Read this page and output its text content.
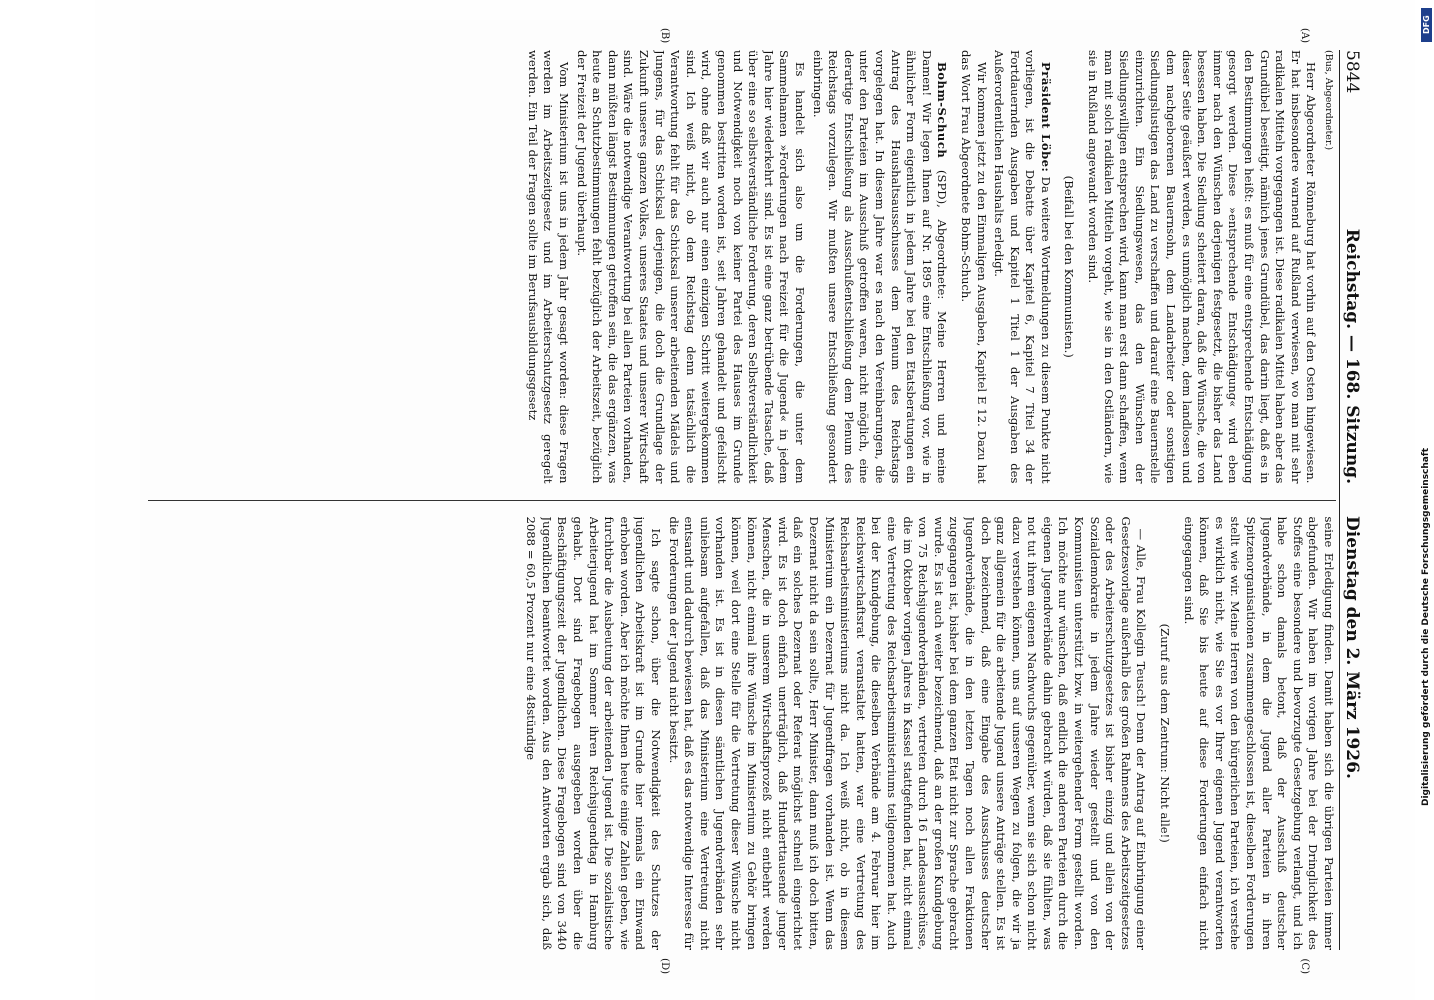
5844
Reichstag. — 168. Sitzung.
Dienstag den 2. März 1926.

(Bus, Abgeordneter.)

Herr Abgeordneter Rönneburg hat vorhin auf den Osten hingewiesen. Er hat insbesondere warnend auf Rußland verwiesen, wo man mit sehr radikalen Mitteln vorgegangen ist. Diese radikalen Mittel haben aber das Grundübel beseitigt, nämlich jenes Grundübel, das darin liegt, daß es in den Bestimmungen heißt: es muß für eine entsprechende Entschädigung gesorgt werden. Diese »entsprechende Entschädigung« wird eben immer nach den Wünschen derjenigen festgesetzt, die bisher das Land besessen haben. Die Siedlung scheitert daran, daß die Wünsche, die von dieser Seite geäußert werden, es unmöglich machen, dem landlosen und dem nachgeborenen Bauernsohn, dem Landarbeiter oder sonstigen Siedlungslustigen das Land zu verschaffen und darauf eine Bauernstelle einzurichten. Ein Siedlungswesen, das den Wünschen der Siedlungswilligen entsprechen wird, kann man erst dann schaffen, wenn man mit solch radikalen Mitteln vorgeht, wie sie in den Ostländern, wie sie in Rußland angewandt worden sind.

(Beifall bei den Kommunisten.)

Präsident Löbe: Da weitere Wortmeldungen zu diesem Punkte nicht vorliegen, ist die Debatte über Kapitel 6, Kapitel 7 Titel 34 der Fortdauernden Ausgaben und Kapitel 1 Titel 1 der Ausgaben des Außerordentlichen Haushalts erledigt.

Wir kommen jetzt zu den Einmaligen Ausgaben, Kapitel E 12. Dazu hat das Wort Frau Abgeordnete Bohm-Schuch.

Bohm-Schuch (SPD), Abgeordnete: Meine Herren und meine Damen! Wir legen Ihnen auf Nr. 1895 eine Entschließung vor, wie in ähnlicher Form eigentlich in jedem Jahre bei den Etatsberatungen ein Antrag des Haushaltsausschusses dem Plenum des Reichstags vorgelegen hat. In diesem Jahre war es nach den Vereinbarungen, die unter den Parteien im Ausschuß getroffen waren, nicht möglich, eine derartige Entschließung als Ausschußentschließung dem Plenum des Reichstags vorzulegen. Wir mußten unsere Entschließung gesondert einbringen.

Es handelt sich also um die Forderungen, die unter dem Sammelnamen »Forderungen nach Freizeit für die Jugend« in jedem Jahre hier wiederkehrt sind. Es ist eine ganz betrübende Tatsache, daß über eine so selbstverständliche Forderung, deren Selbstverständlichkeit und Notwendigkeit noch von keiner Partei des Hauses im Grunde genommen bestritten worden ist, seit Jahren gehandelt und gefeilscht wird, ohne daß wir auch nur einen einzigen Schritt weitergekommen sind. Ich weiß nicht, ob dem Reichstag denn tatsächlich die Verantwortung fehlt für das Schicksal unserer arbeitenden Mädels und Jungens, für das Schicksal derjenigen, die doch die Grundlage der Zukunft unseres ganzen Volkes, unseres Staates und unserer Wirtschaft sind. Wäre die notwendige Verantwortung bei allen Parteien vorhanden, dann müßten längst Bestimmungen getroffen sein, die das ergänzen, was heute an Schutzbestimmungen fehlt bezüglich der Arbeitszeit, bezüglich der Freizeit der Jugend überhaupt.

Vom Ministerium ist uns in jedem Jahr gesagt worden: diese Fragen werden im Arbeitszeitgesetz und im Arbeiterschutzgesetz geregelt werden. Ein Teil der Fragen sollte im Berufsausbildungsgesetz

seine Erledigung finden. Damit haben sich die übrigen Parteien immer abgefunden. Wir haben im vorigen Jahre bei der Dringlichkeit des Stoffes eine besondere und bevorzugte Gesetzgebung verlangt, und ich habe schon damals betont, daß der Ausschuß deutscher Jugendverbände, in dem die Jugend aller Parteien in ihren Spitzenorganisationen zusammengeschlossen ist, dieselben Forderungen stellt wie wir. Meine Herren von den bürgerlichen Parteien, ich verstehe es wirklich nicht, wie Sie es vor Ihrer eigenen Jugend verantworten können, daß Sie bis heute auf diese Forderungen einfach nicht eingegangen sind.

(Zuruf aus dem Zentrum: Nicht alle!)

— Alle, Frau Kollegin Teusch! Denn der Antrag auf Einbringung einer Gesetzesvorlage außerhalb des großen Rahmens des Arbeitszeitgesetzes oder des Arbeiterschutzgesetzes ist bisher einzig und allein von der Sozialdemokratie in jedem Jahre wieder gestellt und von den Kommunisten unterstützt bzw. in weitergehender Form gestellt worden. Ich möchte nur wünschen, daß endlich die anderen Parteien durch die eigenen Jugendverbände dahin gebracht würden, daß sie fühlten, was not tut ihrem eigenen Nachwuchs gegenüber, wenn sie sich schon nicht dazu verstehen können, uns auf unseren Wegen zu folgen, die wir ja ganz allgemein für die arbeitende Jugend unsere Anträge stellen. Es ist doch bezeichnend, daß eine Eingabe des Ausschusses deutscher Jugendverbände, die in den letzten Tagen noch allen Fraktionen zugegangen ist, bisher bei dem ganzen Etat nicht zur Sprache gebracht wurde. Es ist auch weiter bezeichnend, daß an der großen Kundgebung von 75 Reichsjugendverbänden, vertreten durch 16 Landesausschüsse, die im Oktober vorigen Jahres in Kassel stattgefunden hat, nicht einmal eine Vertretung des Reichsarbeitsministeriums teilgenommen hat. Auch bei der Kundgebung, die dieselben Verbände am 4. Februar hier im Reichswirtschaftsrat veranstaltet hatten, war eine Vertretung des Reichsarbeitsministeriums nicht da. Ich weiß nicht, ob in diesem Ministerium ein Dezernat für Jugendfragen vorhanden ist. Wenn das Dezernat nicht da sein sollte, Herr Minister, dann muß ich doch bitten, daß ein solches Dezernat oder Referat möglichst schnell eingerichtet wird. Es ist doch einfach unerträglich, daß Hunderttausende junger Menschen, die in unserem Wirtschaftsprozeß nicht entbehrt werden können, nicht einmal ihre Wünsche im Ministerium zu Gehör bringen können, weil dort eine Stelle für die Vertretung dieser Wünsche nicht vorhanden ist. Es ist in diesen sämtlichen Jugendverbänden sehr unliebsam aufgefallen, daß das Ministerium eine Vertretung nicht entsandt und dadurch bewiesen hat, daß es das notwendige Interesse für die Forderungen der Jugend nicht besitzt.

Ich sagte schon, über die Notwendigkeit des Schutzes der jugendlichen Arbeitskraft ist im Grunde hier niemals ein Einwand erhoben worden. Aber ich möchte Ihnen heute einige Zahlen geben, wie furchtbar die Ausbeutung der arbeitenden Jugend ist. Die sozialistische Arbeiterjugend hat im Sommer ihren Reichsjugendtag in Hamburg gehabt. Dort sind Fragebogen ausgegeben worden über die Beschäftigungszeit der Jugendlichen. Diese Fragebogen sind von 3440 Jugendlichen beantwortet worden. Aus den Antworten ergab sich, daß 2088 = 60,5 Prozent nur eine 48stündige

(A)
(B)
(C)
(D)
DFG
Digitalisierung gefördert durch die Deutsche Forschungsgemeinschaft
